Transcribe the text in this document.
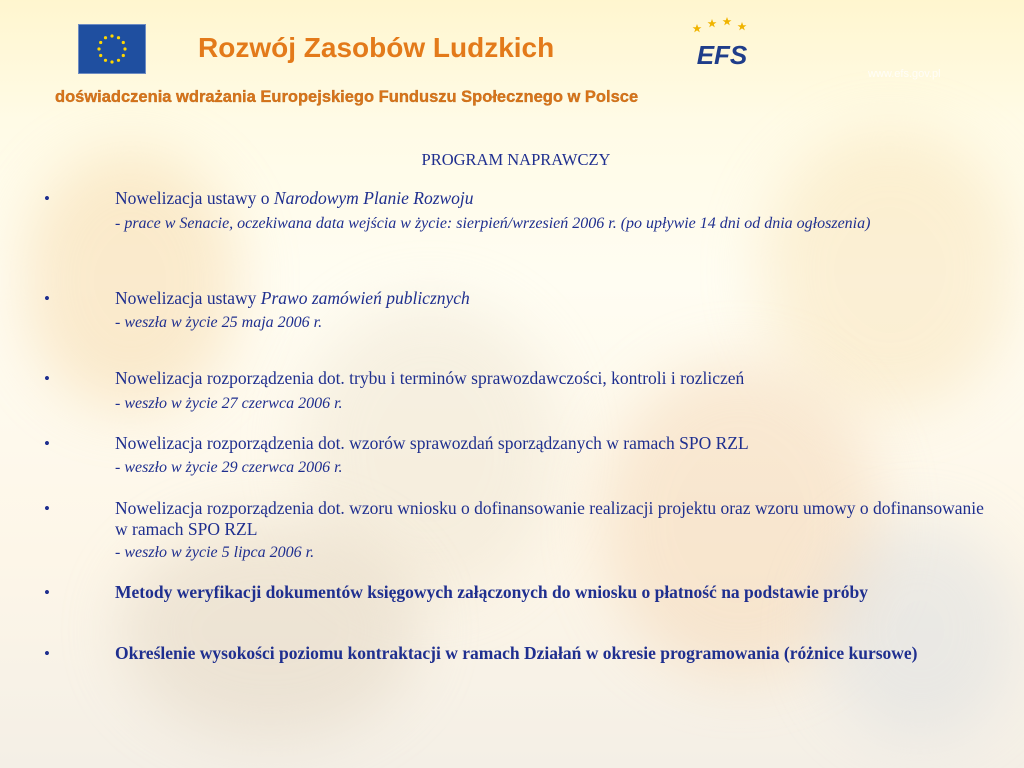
Rozwój Zasobów Ludzkich	EFS
www.efs.gov.pl
doświadczenia wdrażania Europejskiego Funduszu Społecznego w Polsce
PROGRAM NAPRAWCZY
•	Nowelizacja ustawy o Narodowym Planie Rozwoju
- prace w Senacie, oczekiwana data wejścia w życie: sierpień/wrzesień 2006 r. (po upływie 14 dni od dnia ogłoszenia)
•	Nowelizacja ustawy Prawo zamówień publicznych
- weszła w życie 25 maja 2006 r.
•	Nowelizacja rozporządzenia dot. trybu i terminów sprawozdawczości, kontroli i rozliczeń
- weszło w życie 27 czerwca 2006 r.
•	Nowelizacja rozporządzenia dot. wzorów sprawozdań sporządzanych w ramach SPO RZL
- weszło w życie 29 czerwca 2006 r.
•	Nowelizacja rozporządzenia dot. wzoru wniosku o dofinansowanie realizacji projektu oraz wzoru umowy o dofinansowanie w ramach SPO RZL
- weszło w życie 5 lipca 2006 r.
•	Metody weryfikacji dokumentów księgowych załączonych do wniosku o płatność na podstawie próby
•	Określenie wysokości poziomu kontraktacji w ramach Działań w okresie programowania (różnice kursowe)
